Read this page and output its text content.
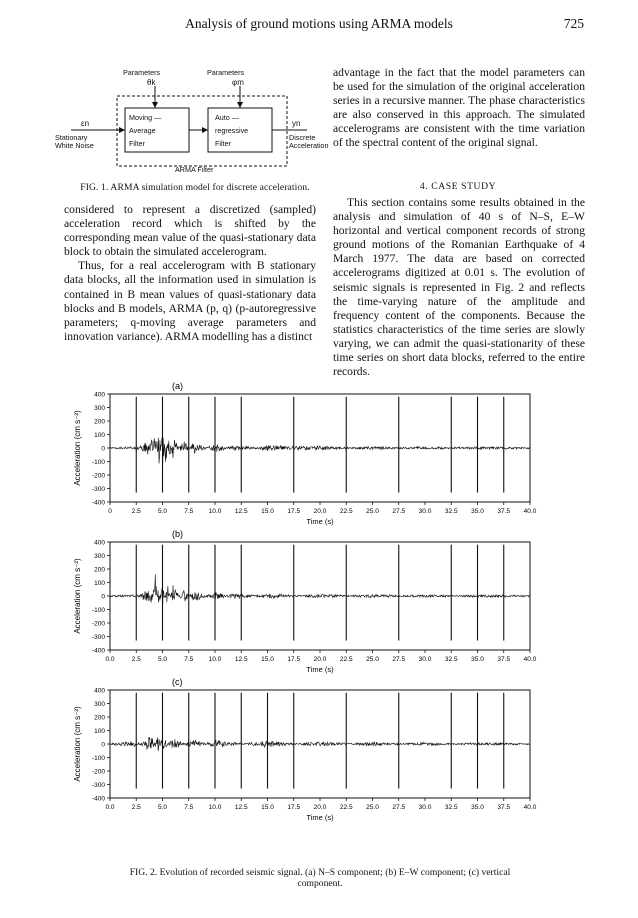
Analysis of ground motions using ARMA models	725
Parameters	Parameters
θk	φm
εn
Stationary
White Noise
Moving —
Average
Filter
Auto —
regressive
Filter
yn
Discrete
Acceleration
ARMA Filter
FIG. 1. ARMA simulation model for discrete acceleration.

considered to represent a discretized (sampled) acceleration record which is shifted by the corresponding mean value of the quasi-stationary data block to obtain the simulated accelerogram.

Thus, for a real accelerogram with B stationary data blocks, all the information used in simulation is contained in B mean values of quasi-stationary data blocks and B models, ARMA (p, q) (p-autoregressive parameters; q-moving average parameters and innovation variance). ARMA modelling has a distinct

advantage in the fact that the model parameters can be used for the simulation of the original acceleration series in a recursive manner. The phase characteristics are also conserved in this approach. The simulated accelerograms are consistent with the time variation of the spectral content of the original signal.

4. CASE STUDY

This section contains some results obtained in the analysis and simulation of 40 s of N–S, E–W horizontal and vertical component records of strong ground motions of the Romanian Earthquake of 4 March 1977. The data are based on corrected accelerograms digitized at 0.01 s. The evolution of seismic signals is represented in Fig. 2 and reflects the time-varying nature of the amplitude and frequency content of the components. Because the statistics characteristics of the time series are slowly varying, we can admit the quasi-stationarity of these time series on short data blocks, referred to the entire records.

(a)
400
300
200
100
0
-100
-200
-300
-400
0	2.5	5.0	7.5 10.0 12.5 15.0 17.5 20.0 22.5 25.0 27.5 30.0 32.5 35.0 37.5 40.0
Time (s)
Acceleration (cm s⁻²)
(b)
400
300
200
100
0
-100
-200
-300
-400
0.0	2.5	5.0	7.5 10.0 12.5 15.0 17.5 20.0 22.5 25.0 27.5 30.0 32.5 35.0 37.5 40.0
Time (s)
Acceleration (cm s⁻²)
(c)
400
300
200
100
0
-100
-200
-300
-400
0.0	2.5	5.0	7.5 10.0 12.5 15.0 17.5 20.0 22.5 25.0 27.5 30.0 32.5 35.0 37.5 40.0
Time (s)
Acceleration (cm s⁻²)
FIG. 2. Evolution of recorded seismic signal. (a) N–S component; (b) E–W component; (c) vertical
component.
